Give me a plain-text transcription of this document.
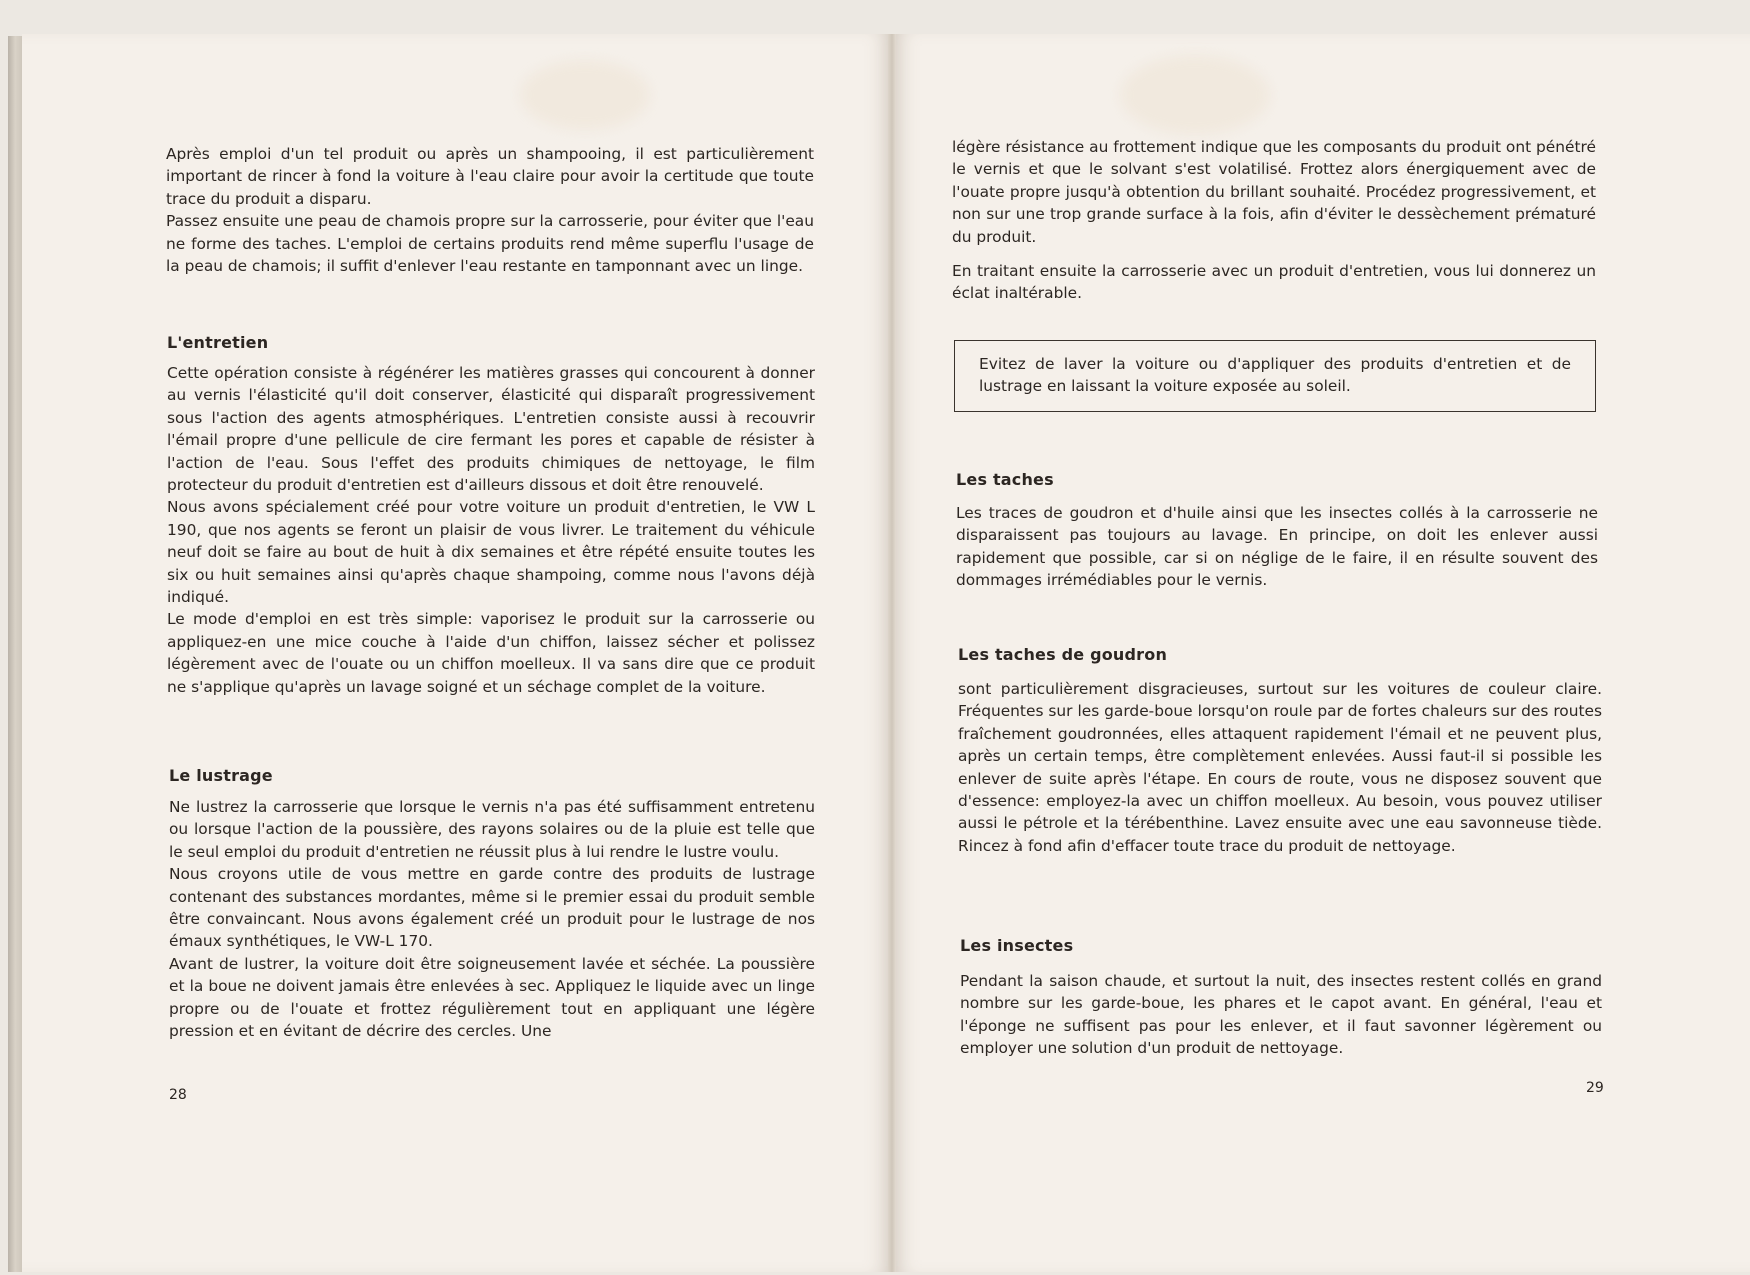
Après emploi d'un tel produit ou après un shampooing, il est particulièrement important de rincer à fond la voiture à l'eau claire pour avoir la certitude que toute trace du produit a disparu.

Passez ensuite une peau de chamois propre sur la carrosserie, pour éviter que l'eau ne forme des taches. L'emploi de certains produits rend même superflu l'usage de la peau de chamois; il suffit d'enlever l'eau restante en tamponnant avec un linge.

L'entretien

Cette opération consiste à régénérer les matières grasses qui concourent à donner au vernis l'élasticité qu'il doit conserver, élasticité qui disparaît progressivement sous l'action des agents atmosphériques. L'entretien consiste aussi à recouvrir l'émail propre d'une pellicule de cire fermant les pores et capable de résister à l'action de l'eau. Sous l'effet des produits chimiques de nettoyage, le film protecteur du produit d'entretien est d'ailleurs dissous et doit être renouvelé.

Nous avons spécialement créé pour votre voiture un produit d'entretien, le VW L 190, que nos agents se feront un plaisir de vous livrer. Le traitement du véhicule neuf doit se faire au bout de huit à dix semaines et être répété ensuite toutes les six ou huit semaines ainsi qu'après chaque shampoing, comme nous l'avons déjà indiqué.

Le mode d'emploi en est très simple: vaporisez le produit sur la carrosserie ou appliquez-en une mice couche à l'aide d'un chiffon, laissez sécher et polissez légèrement avec de l'ouate ou un chiffon moelleux. Il va sans dire que ce produit ne s'applique qu'après un lavage soigné et un séchage complet de la voiture.

Le lustrage

Ne lustrez la carrosserie que lorsque le vernis n'a pas été suffisamment entretenu ou lorsque l'action de la poussière, des rayons solaires ou de la pluie est telle que le seul emploi du produit d'entretien ne réussit plus à lui rendre le lustre voulu.

Nous croyons utile de vous mettre en garde contre des produits de lustrage contenant des substances mordantes, même si le premier essai du produit semble être convaincant. Nous avons également créé un produit pour le lustrage de nos émaux synthétiques, le VW-L 170.

Avant de lustrer, la voiture doit être soigneusement lavée et séchée. La poussière et la boue ne doivent jamais être enlevées à sec. Appliquez le liquide avec un linge propre ou de l'ouate et frottez régulièrement tout en appliquant une légère pression et en évitant de décrire des cercles. Une

28

légère résistance au frottement indique que les composants du produit ont pénétré le vernis et que le solvant s'est volatilisé. Frottez alors énergiquement avec de l'ouate propre jusqu'à obtention du brillant souhaité. Procédez progressivement, et non sur une trop grande surface à la fois, afin d'éviter le dessèchement prématuré du produit.

En traitant ensuite la carrosserie avec un produit d'entretien, vous lui donnerez un éclat inaltérable.

Evitez de laver la voiture ou d'appliquer des produits d'entretien et de lustrage en laissant la voiture exposée au soleil.
Les taches

Les traces de goudron et d'huile ainsi que les insectes collés à la carrosserie ne disparaissent pas toujours au lavage. En principe, on doit les enlever aussi rapidement que possible, car si on néglige de le faire, il en résulte souvent des dommages irrémédiables pour le vernis.

Les taches de goudron

sont particulièrement disgracieuses, surtout sur les voitures de couleur claire. Fréquentes sur les garde-boue lorsqu'on roule par de fortes chaleurs sur des routes fraîchement goudronnées, elles attaquent rapidement l'émail et ne peuvent plus, après un certain temps, être complètement enlevées. Aussi faut-il si possible les enlever de suite après l'étape. En cours de route, vous ne disposez souvent que d'essence: employez-la avec un chiffon moelleux. Au besoin, vous pouvez utiliser aussi le pétrole et la térébenthine. Lavez ensuite avec une eau savonneuse tiède. Rincez à fond afin d'effacer toute trace du produit de nettoyage.

Les insectes

Pendant la saison chaude, et surtout la nuit, des insectes restent collés en grand nombre sur les garde-boue, les phares et le capot avant. En général, l'eau et l'éponge ne suffisent pas pour les enlever, et il faut savonner légèrement ou employer une solution d'un produit de nettoyage.

29
